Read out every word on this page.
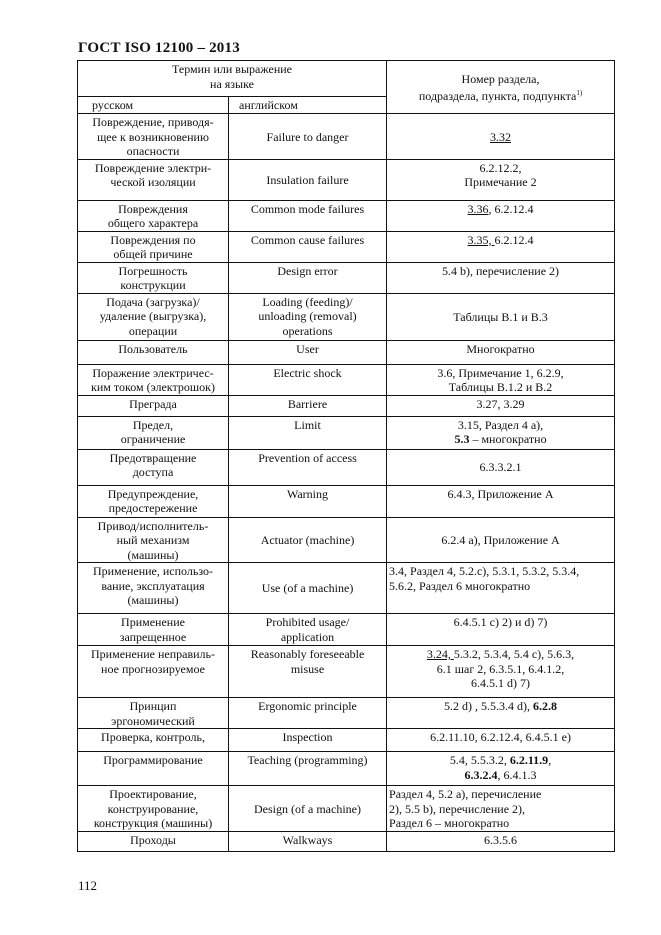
ГОСТ ISO 12100 – 2013
Термин или выражение
на языке		Номер раздела,
подраздела, пункта, подпункта$^{1)}$
русском	английском	
Повреждение, приводя-
щее к возникновению
опасности	Failure to danger	3.32
Повреждение электри-
ческой изоляции	Insulation failure	6.2.12.2,
Примечание 2
Повреждения
общего характера	Common mode failures	3.36, 6.2.12.4
Повреждения по
общей причине	Common cause failures	3.35, 6.2.12.4
Погрешность
конструкции	Design error	5.4 b), перечисление 2)
Подача (загрузка)/
удаление (выгрузка),
операции	Loading (feeding)/
unloading (removal)
operations	Таблицы В.1 и В.3
Пользователь	User	Многократно
Поражение электричес-
ким током (электрошок)	Electric shock	3.6, Примечание 1, 6.2.9,
Таблицы В.1.2 и В.2
Преграда	Barriere	3.27, 3.29
Предел,
ограничение	Limit	3.15, Раздел 4 a),
5.3 – многократно
Предотвращение
доступа	Prevention of access	6.3.3.2.1
Предупреждение,
предостережение	Warning	6.4.3, Приложение А
Привод/исполнитель-
ный механизм
(машины)	Actuator (machine)	6.2.4 a), Приложение А
Применение, использо-
вание, эксплуатация
(машины)	Use (of a machine)	3.4, Раздел 4, 5.2.c), 5.3.1, 5.3.2, 5.3.4,
5.6.2, Раздел 6 многократно
Применение
запрещенное	Prohibited usage/
application	6.4.5.1 c) 2) и d) 7)
Применение неправиль-
ное прогнозируемое	Reasonably foreseeable
misuse	3.24, 5.3.2, 5.3.4, 5.4 c), 5.6.3,
6.1 шаг 2, 6.3.5.1, 6.4.1.2,
6.4.5.1 d) 7)
Принцип
эргономический	Ergonomic principle	5.2 d) , 5.5.3.4 d), 6.2.8
Проверка, контроль,	Inspection	6.2.11.10, 6.2.12.4, 6.4.5.1 e)
Программирование	Teaching (programming)	5.4, 5.5.3.2, 6.2.11.9,
6.3.2.4, 6.4.1.3
Проектирование,
конструирование,
конструкция (машины)	Design (of a machine)	Раздел 4, 5.2 a), перечисление
2), 5.5 b), перечисление 2),
Раздел 6 – многократно
Проходы	Walkways	6.3.5.6
112
